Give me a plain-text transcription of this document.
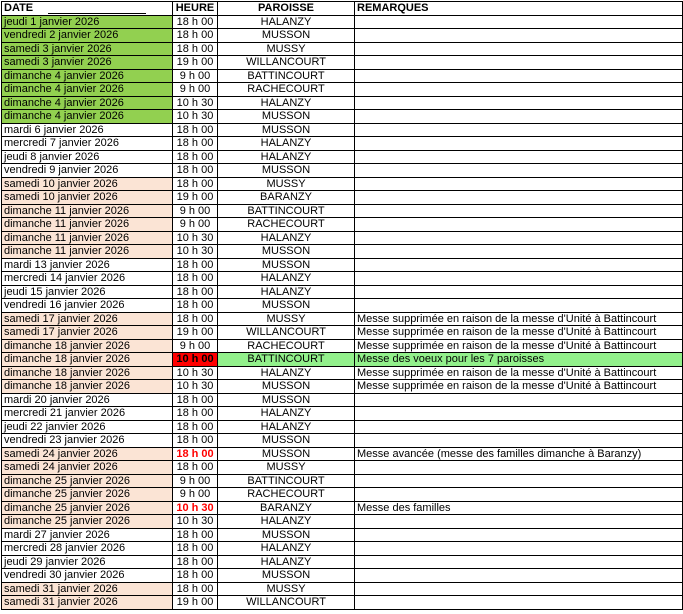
DATE	HEURE	PAROISSE	REMARQUES
jeudi 1 janvier 2026	18 h 00	HALANZY	
vendredi 2 janvier 2026	18 h 00	MUSSON	
samedi 3 janvier 2026	18 h 00	MUSSY	
samedi 3 janvier 2026	19 h 00	WILLANCOURT	
dimanche 4 janvier 2026	9 h 00	BATTINCOURT	
dimanche 4 janvier 2026	9 h 00	RACHECOURT	
dimanche 4 janvier 2026	10 h 30	HALANZY	
dimanche 4 janvier 2026	10 h 30	MUSSON	
mardi 6 janvier 2026	18 h 00	MUSSON	
mercredi 7 janvier 2026	18 h 00	HALANZY	
jeudi 8 janvier 2026	18 h 00	HALANZY	
vendredi 9 janvier 2026	18 h 00	MUSSON	
samedi 10 janvier 2026	18 h 00	MUSSY	
samedi 10 janvier 2026	19 h 00	BARANZY	
dimanche 11 janvier 2026	9 h 00	BATTINCOURT	
dimanche 11 janvier 2026	9 h 00	RACHECOURT	
dimanche 11 janvier 2026	10 h 30	HALANZY	
dimanche 11 janvier 2026	10 h 30	MUSSON	
mardi 13 janvier 2026	18 h 00	MUSSON	
mercredi 14 janvier 2026	18 h 00	HALANZY	
jeudi 15 janvier 2026	18 h 00	HALANZY	
vendredi 16 janvier 2026	18 h 00	MUSSON	
samedi 17 janvier 2026	18 h 00	MUSSY	Messe supprimée en raison de la messe d'Unité à Battincourt
samedi 17 janvier 2026	19 h 00	WILLANCOURT	Messe supprimée en raison de la messe d'Unité à Battincourt
dimanche 18 janvier 2026	9 h 00	RACHECOURT	Messe supprimée en raison de la messe d'Unité à Battincourt
dimanche 18 janvier 2026	10 h 00	BATTINCOURT	Messe des voeux pour les 7 paroisses
dimanche 18 janvier 2026	10 h 30	HALANZY	Messe supprimée en raison de la messe d'Unité à Battincourt
dimanche 18 janvier 2026	10 h 30	MUSSON	Messe supprimée en raison de la messe d'Unité à Battincourt
mardi 20 janvier 2026	18 h 00	MUSSON	
mercredi 21 janvier 2026	18 h 00	HALANZY	
jeudi 22 janvier 2026	18 h 00	HALANZY	
vendredi 23 janvier 2026	18 h 00	MUSSON	
samedi 24 janvier 2026	18 h 00	MUSSON	Messe avancée (messe des familles dimanche à Baranzy)
samedi 24 janvier 2026	18 h 00	MUSSY	
dimanche 25 janvier 2026	9 h 00	BATTINCOURT	
dimanche 25 janvier 2026	9 h 00	RACHECOURT	
dimanche 25 janvier 2026	10 h 30	BARANZY	Messe des familles
dimanche 25 janvier 2026	10 h 30	HALANZY	
mardi 27 janvier 2026	18 h 00	MUSSON	
mercredi 28 janvier 2026	18 h 00	HALANZY	
jeudi 29 janvier 2026	18 h 00	HALANZY	
vendredi 30 janvier 2026	18 h 00	MUSSON	
samedi 31 janvier 2026	18 h 00	MUSSY	
samedi 31 janvier 2026	19 h 00	WILLANCOURT	
